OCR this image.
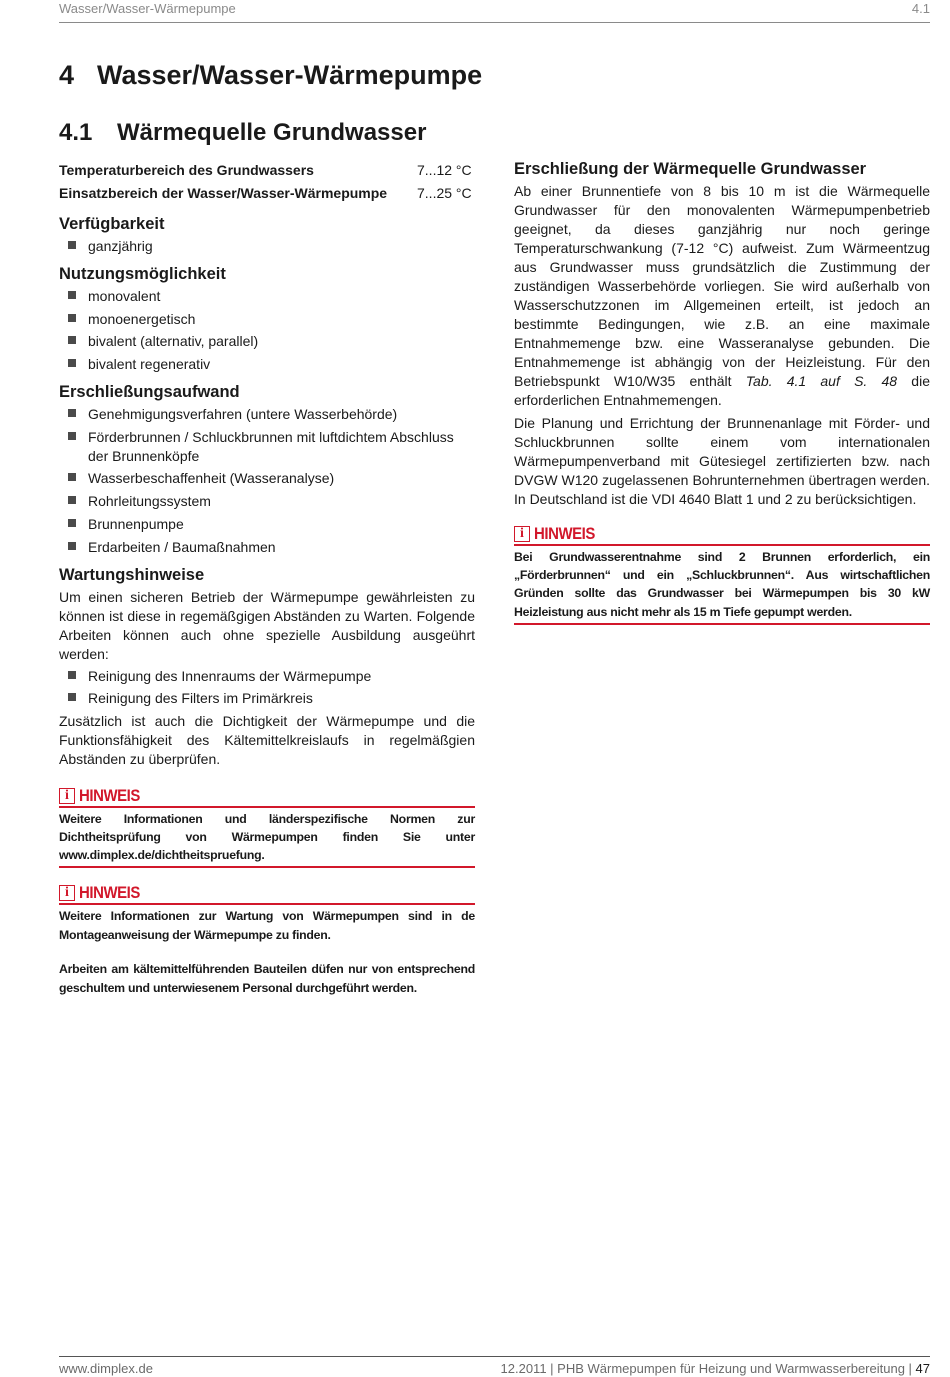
Wasser/Wasser-Wärmepumpe	4.1
4 Wasser/Wasser-Wärmepumpe
4.1 Wärmequelle Grundwasser
Temperaturbereich des Grundwassers	7...12 °C
Einsatzbereich der Wasser/Wasser-Wärmepumpe 7...25 °C
Verfügbarkeit
ganzjährig
Nutzungsmöglichkeit
monovalent
monoenergetisch
bivalent (alternativ, parallel)
bivalent regenerativ
Erschließungsaufwand
Genehmigungsverfahren (untere Wasserbehörde)
Förderbrunnen / Schluckbrunnen mit luftdichtem Abschluss der Brunnenköpfe
Wasserbeschaffenheit (Wasseranalyse)
Rohrleitungssystem
Brunnenpumpe
Erdarbeiten / Baumaßnahmen
Wartungshinweise

Um einen sicheren Betrieb der Wärmepumpe gewährleisten zu können ist diese in regemäßgigen Abständen zu Warten. Folgende Arbeiten können auch ohne spezielle Ausbildung ausgeührt werden:

Reinigung des Innenraums der Wärmepumpe
Reinigung des Filters im Primärkreis

Zusätzlich ist auch die Dichtigkeit der Wärmepumpe und die Funktionsfähigkeit des Kältemittelkreislaufs in regelmäßgien Abständen zu überprüfen.

i HINWEIS
Weitere Informationen und länderspezifische Normen zur Dichtheitsprüfung von Wärmepumpen finden Sie unter www.dimplex.de/dichtheitspruefung.
i HINWEIS
Weitere Informationen zur Wartung von Wärmepumpen sind in de Montageanweisung der Wärmepumpe zu finden.

Arbeiten am kältemittelführenden Bauteilen düfen nur von entsprechend geschultem und unterwiesenem Personal durchgeführt werden.

Erschließung der Wärmequelle Grundwasser

Ab einer Brunnentiefe von 8 bis 10 m ist die Wärmequelle Grundwasser für den monovalenten Wärmepumpenbetrieb geeignet, da dieses ganzjährig nur noch geringe Temperaturschwankung (7-12 °C) aufweist. Zum Wärmeentzug aus Grundwasser muss grundsätzlich die Zustimmung der zuständigen Wasserbehörde vorliegen. Sie wird außerhalb von Wasserschutzzonen im Allgemeinen erteilt, ist jedoch an bestimmte Bedingungen, wie z.B. an eine maximale Entnahmemenge bzw. eine Wasseranalyse gebunden. Die Entnahmemenge ist abhängig von der Heizleistung. Für den Betriebspunkt W10/W35 enthält Tab. 4.1 auf S. 48 die erforderlichen Entnahmemengen.

Die Planung und Errichtung der Brunnenanlage mit Förder- und Schluckbrunnen sollte einem vom internationalen Wärmepumpenverband mit Gütesiegel zertifizierten bzw. nach DVGW W120 zugelassenen Bohrunternehmen übertragen werden. In Deutschland ist die VDI 4640 Blatt 1 und 2 zu berücksichtigen.

i HINWEIS
Bei Grundwasserentnahme sind 2 Brunnen erforderlich, ein „Förderbrunnen“ und ein „Schluckbrunnen“. Aus wirtschaftlichen Gründen sollte das Grundwasser bei Wärmepumpen bis 30 kW Heizleistung aus nicht mehr als 15 m Tiefe gepumpt werden.
www.dimplex.de	12.2011 | PHB Wärmepumpen für Heizung und Warmwasserbereitung | 47
